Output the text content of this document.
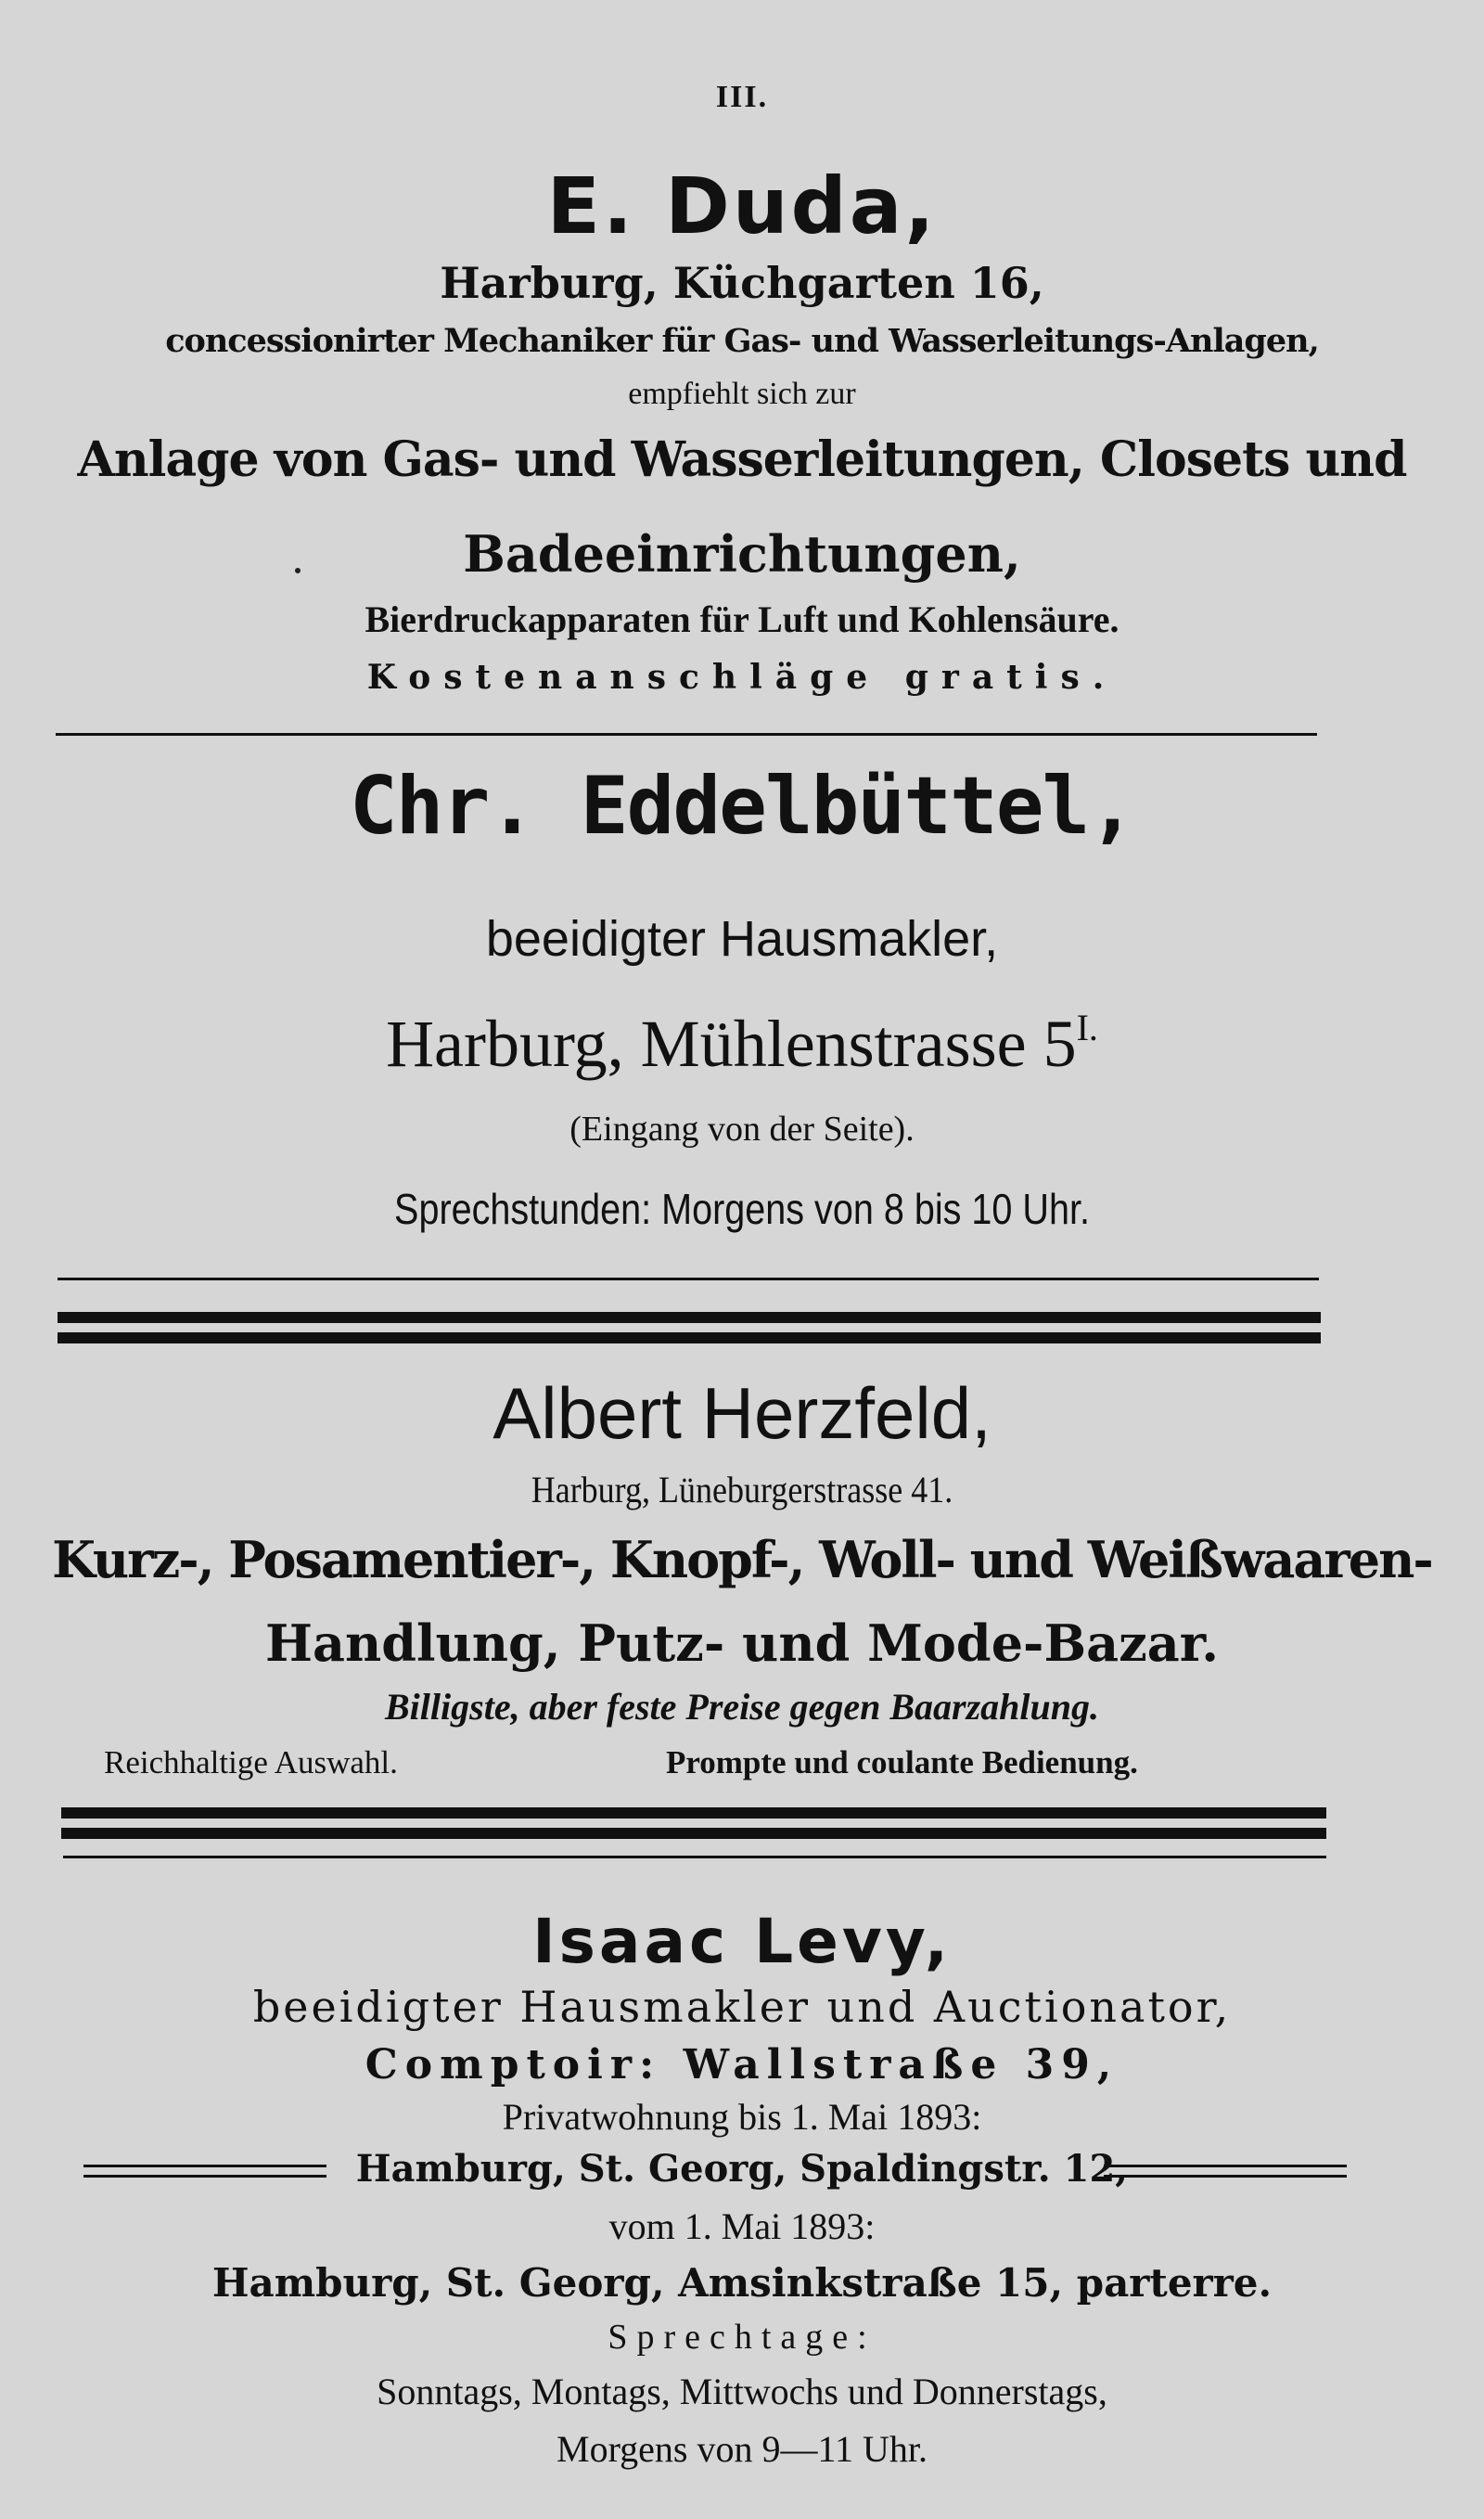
III.
E. Duda,
Harburg, Küchgarten 16,
concessionirter Mechaniker für Gas- und Wasserleitungs-Anlagen,
empfiehlt sich zur
Anlage von Gas- und Wasserleitungen, Closets und
Badeeinrichtungen,
Bierdruckapparaten für Luft und Kohlensäure.
Kostenanschläge gratis.
Chr. Eddelbüttel,
beeidigter Hausmakler,
Harburg, Mühlenstrasse $5^{I.}$
(Eingang von der Seite).
Sprechstunden: Morgens von 8 bis 10 Uhr.
Albert Herzfeld,
Harburg, Lüneburgerstrasse 41.
Kurz-, Posamentier-, Knopf-, Woll- und Weißwaaren-
Handlung, Putz- und Mode-Bazar.
Billigste, aber feste Preise gegen Baarzahlung.
Reichhaltige Auswahl.	Prompte und coulante Bedienung.
Isaac Levy,
beeidigter Hausmakler und Auctionator,
Comptoir: Wallstraße 39,
Privatwohnung bis 1. Mai 1893:
Hamburg, St. Georg, Spaldingstr. 12,
vom 1. Mai 1893:
Hamburg, St. Georg, Amsinkstraße 15, parterre.
Sprechtage:
Sonntags, Montags, Mittwochs und Donnerstags,
Morgens von 9—11 Uhr.
